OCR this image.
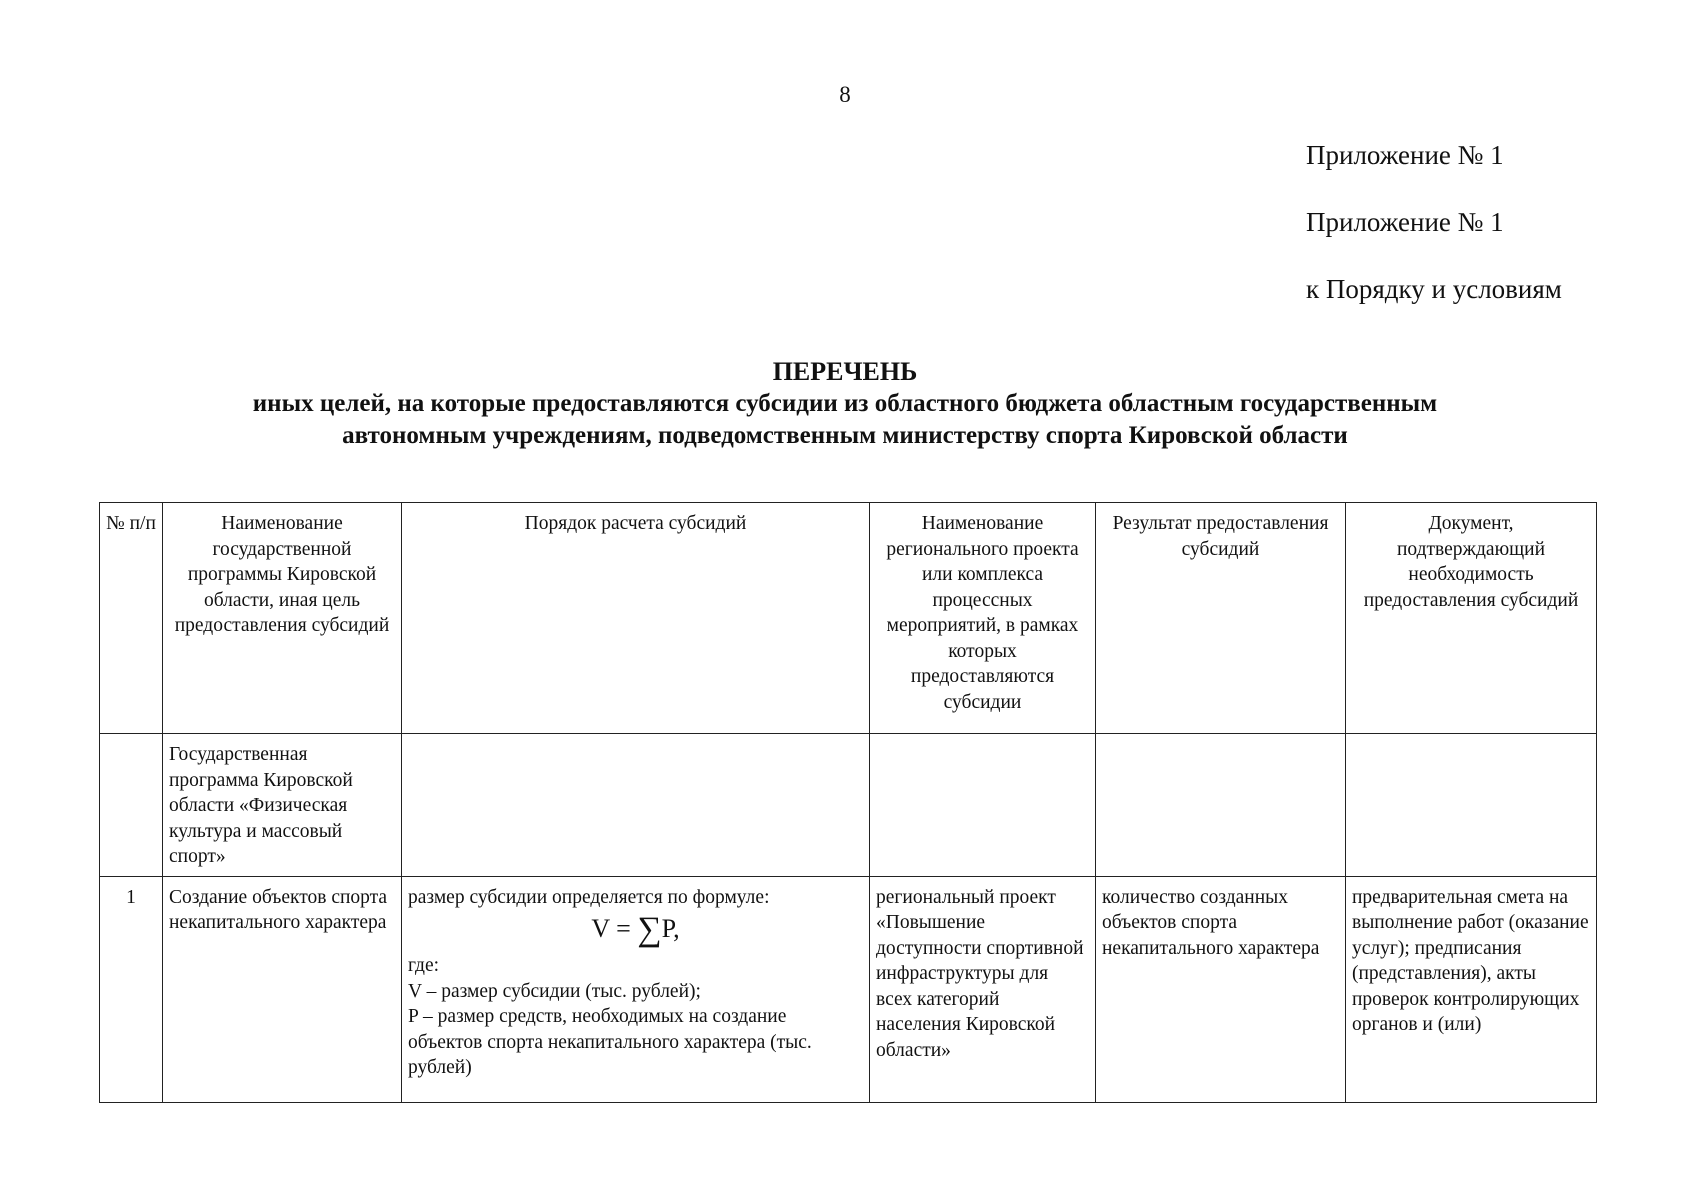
8
Приложение № 1
Приложение № 1
к Порядку и условиям
ПЕРЕЧЕНЬ
иных целей, на которые предоставляются субсидии из областного бюджета областным государственным
автономным учреждениям, подведомственным министерству спорта Кировской области
№ п/п	Наименование государственной программы Кировской области, иная цель предоставления субсидий	Порядок расчета субсидий	Наименование регионального проекта или комплекса процессных мероприятий, в рамках которых предоставляются субсидии	Результат предоставления субсидий	Документ, подтверждающий необходимость предоставления субсидий
	Государственная программа Кировской области «Физическая культура и массовый спорт»				
1	Создание объектов спорта некапитального характера	размер субсидии определяется по формуле:
V = ∑P,
где:
V – размер субсидии (тыс. рублей);
P – размер средств, необходимых на создание объектов спорта некапитального характера (тыс. рублей)	региональный проект «Повышение доступности спортивной инфраструктуры для всех категорий населения Кировской области»	количество созданных объектов спорта некапитального характера	предварительная смета на выполнение работ (оказание услуг); предписания (представления), акты проверок контролирующих органов и (или)
